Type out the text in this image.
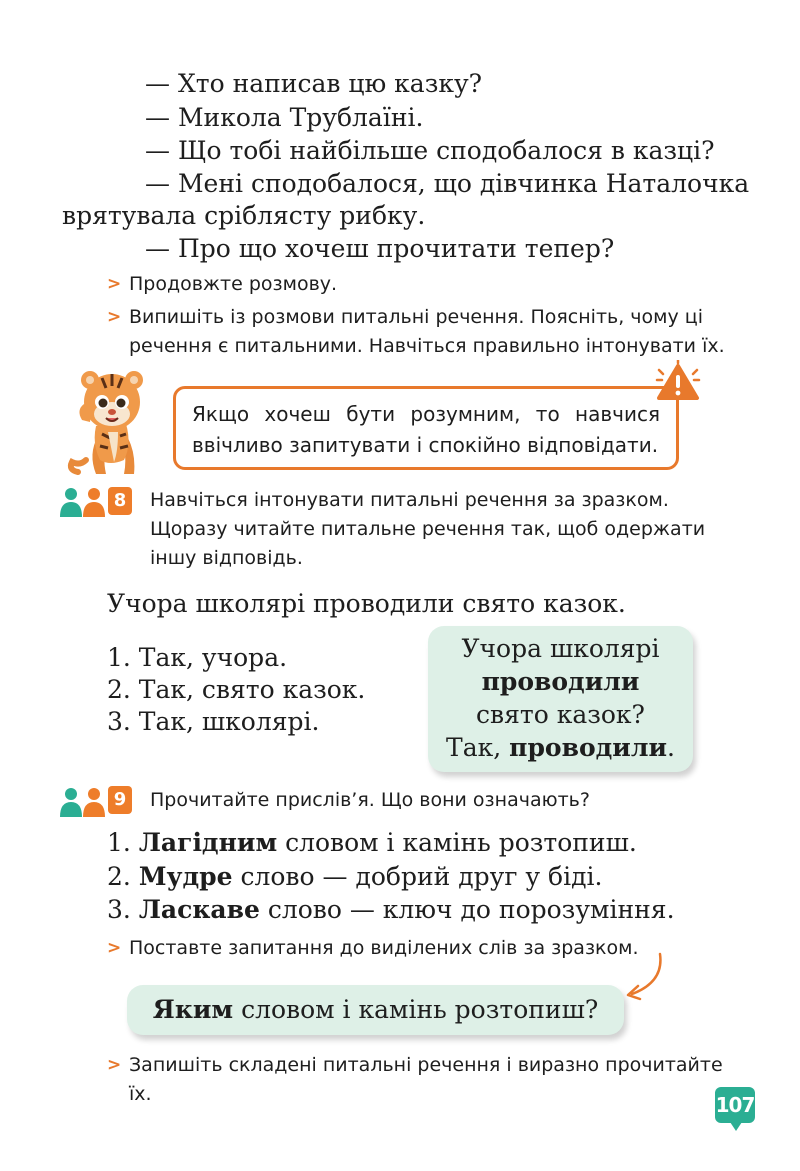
— Хто написав цю казку?
— Микола Трублаїні.
— Що тобі найбільше сподобалося в казці?
— Мені сподобалося, що дівчинка Наталочка
врятувала сріблясту рибку.
— Про що хочеш прочитати тепер?
> Продовжте розмову.
> Випишіть із розмови питальні речення. Поясніть, чому ці речення є питальними. Навчіться правильно інтонувати їх.
Якщо хочеш бути розумним, то навчися ввічливо запитувати і спокійно відповідати.
8	Навчіться інтонувати питальні речення за зразком. Щоразу читайте питальне речення так, щоб одержати іншу відповідь.
Учора школярі проводили свято казок.
1. Так, учора.
2. Так, свято казок.
3. Так, школярі.
Учора школярі
проводили
свято казок?
Так, проводили.
9	Прочитайте прислів’я. Що вони означають?
1. Лагідним словом і камінь розтопиш.
2. Мудре слово — добрий друг у біді.
3. Ласкаве слово — ключ до порозуміння.
> Поставте запитання до виділених слів за зразком.
Яким словом і камінь розтопиш?
> Запишіть складені питальні речення і виразно прочитайте їх.	107
